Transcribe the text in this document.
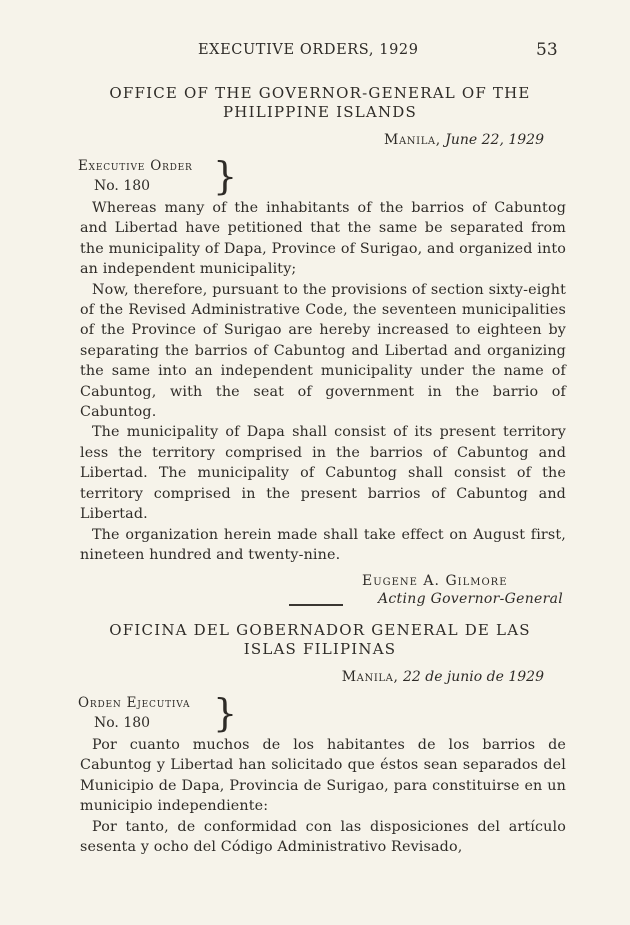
EXECUTIVE ORDERS, 1929	53
OFFICE OF THE GOVERNOR-GENERAL OF THE
PHILIPPINE ISLANDS
Manila, June 22, 1929
Executive Order
No. 180 }

Whereas many of the inhabitants of the barrios of Cabuntog and Libertad have petitioned that the same be separated from the municipality of Dapa, Province of Surigao, and organized into an independent municipality;

Now, therefore, pursuant to the provisions of section sixty-eight of the Revised Administrative Code, the seventeen municipalities of the Province of Surigao are hereby increased to eighteen by separating the barrios of Cabuntog and Libertad and organizing the same into an independent municipality under the name of Cabuntog, with the seat of government in the barrio of Cabuntog.

The municipality of Dapa shall consist of its present territory less the territory comprised in the barrios of Cabuntog and Libertad. The municipality of Cabuntog shall consist of the territory comprised in the present barrios of Cabuntog and Libertad.

The organization herein made shall take effect on August first, nineteen hundred and twenty-nine.

Eugene A. Gilmore
Acting Governor-General
OFICINA DEL GOBERNADOR GENERAL DE LAS
ISLAS FILIPINAS
Manila, 22 de junio de 1929
Orden Ejecutiva
No. 180 }

Por cuanto muchos de los habitantes de los barrios de Cabuntog y Libertad han solicitado que éstos sean separados del Municipio de Dapa, Provincia de Surigao, para constituirse en un municipio independiente:

Por tanto, de conformidad con las disposiciones del artículo sesenta y ocho del Código Administrativo Revisado,
